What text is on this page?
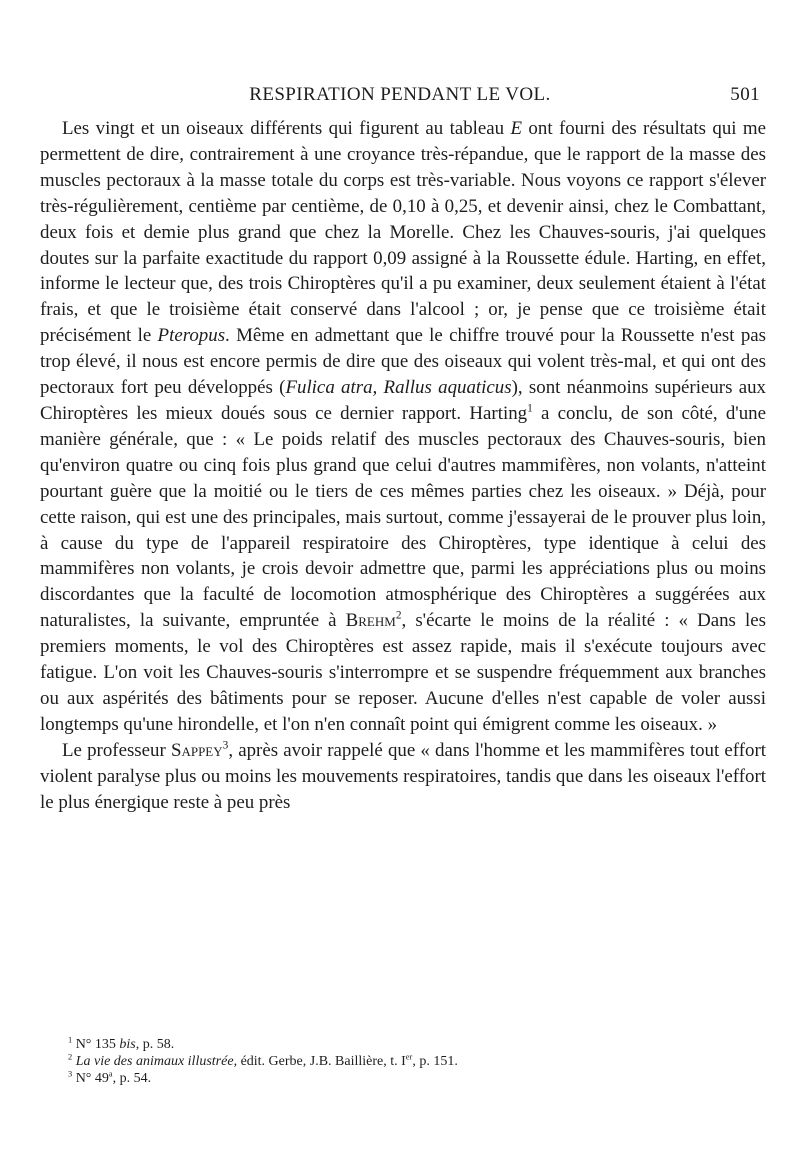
RESPIRATION PENDANT LE VOL.	501

Les vingt et un oiseaux différents qui figurent au tableau E ont fourni des résultats qui me permettent de dire, contrairement à une croyance très-répandue, que le rapport de la masse des muscles pectoraux à la masse totale du corps est très-variable. Nous voyons ce rapport s'élever très-régulièrement, centième par centième, de 0,10 à 0,25, et devenir ainsi, chez le Combattant, deux fois et demie plus grand que chez la Morelle. Chez les Chauves-souris, j'ai quelques doutes sur la parfaite exactitude du rapport 0,09 assigné à la Roussette édule. Harting, en effet, informe le lecteur que, des trois Chiroptères qu'il a pu examiner, deux seulement étaient à l'état frais, et que le troisième était conservé dans l'alcool ; or, je pense que ce troisième était précisément le Pteropus. Même en admettant que le chiffre trouvé pour la Roussette n'est pas trop élevé, il nous est encore permis de dire que des oiseaux qui volent très-mal, et qui ont des pectoraux fort peu développés (Fulica atra, Rallus aquaticus), sont néanmoins supérieurs aux Chiroptères les mieux doués sous ce dernier rapport. Harting$^1$ a conclu, de son côté, d'une manière générale, que : « Le poids relatif des muscles pectoraux des Chauves-souris, bien qu'environ quatre ou cinq fois plus grand que celui d'autres mammifères, non volants, n'atteint pourtant guère que la moitié ou le tiers de ces mêmes parties chez les oiseaux. » Déjà, pour cette raison, qui est une des principales, mais surtout, comme j'essayerai de le prouver plus loin, à cause du type de l'appareil respiratoire des Chiroptères, type identique à celui des mammifères non volants, je crois devoir admettre que, parmi les appréciations plus ou moins discordantes que la faculté de locomotion atmosphérique des Chiroptères a suggérées aux naturalistes, la suivante, empruntée à Brehm$^2$, s'écarte le moins de la réalité : « Dans les premiers moments, le vol des Chiroptères est assez rapide, mais il s'exécute toujours avec fatigue. L'on voit les Chauves-souris s'interrompre et se suspendre fréquemment aux branches ou aux aspérités des bâtiments pour se reposer. Aucune d'elles n'est capable de voler aussi longtemps qu'une hirondelle, et l'on n'en connaît point qui émigrent comme les oiseaux. »

Le professeur Sappey$^3$, après avoir rappelé que « dans l'homme et les mammifères tout effort violent paralyse plus ou moins les mouvements respiratoires, tandis que dans les oiseaux l'effort le plus énergique reste à peu près

$^1$ N° 135 bis, p. 58.
$^2$ La vie des animaux illustrée, édit. Gerbe, J.B. Baillière, t. Ier, p. 151.
$^3$ N° 49$^a$, p. 54.
